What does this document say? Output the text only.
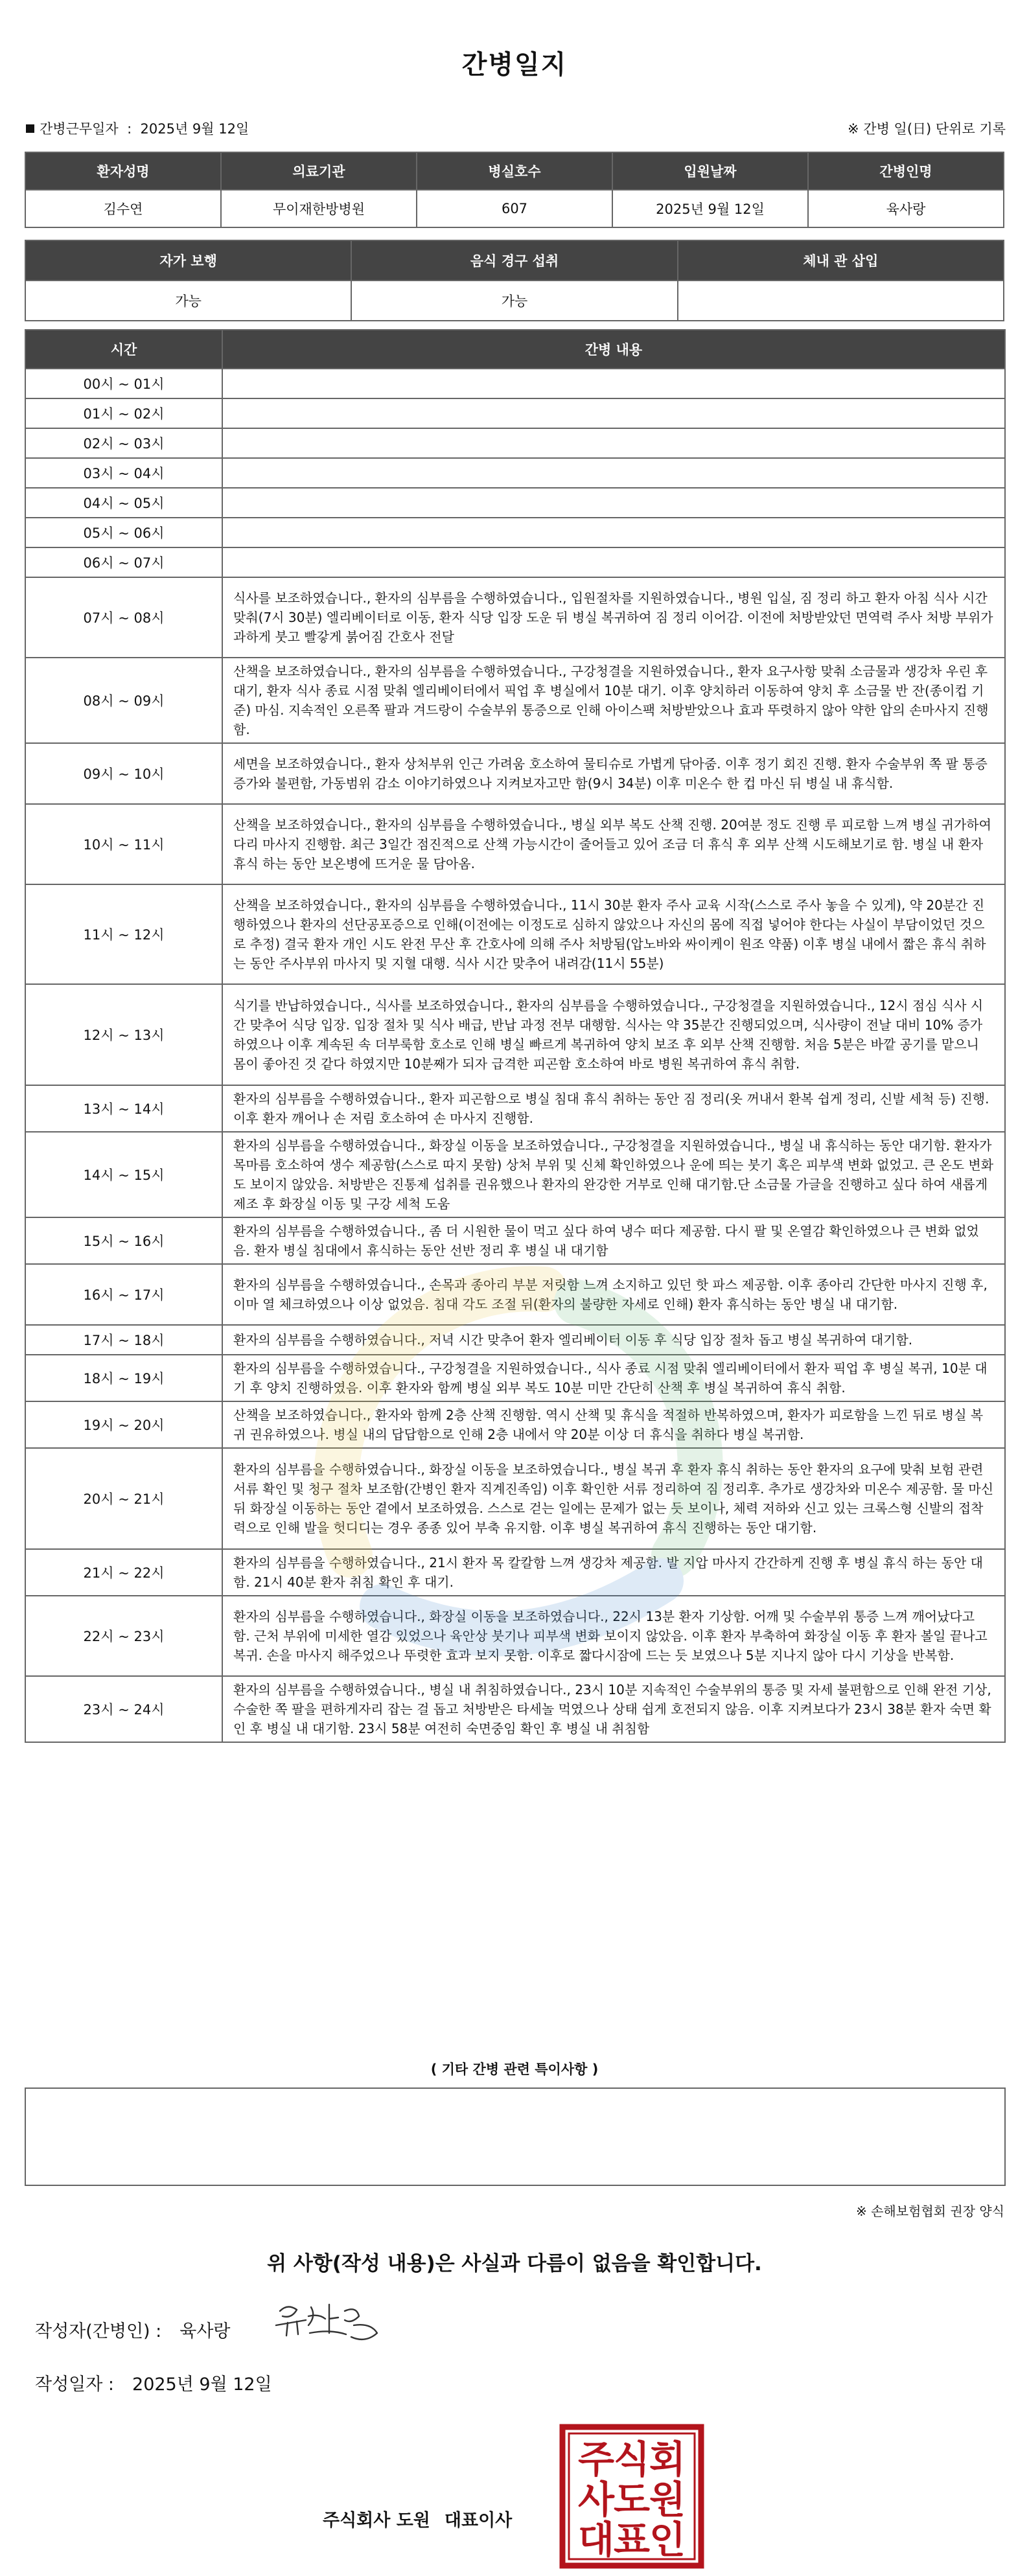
간병일지
간병근무일자 : 2025년 9월 12일	※ 간병 일(日) 단위로 기록
환자성명	의료기관	병실호수	입원날짜	간병인명
김수연	무이재한방병원	607	2025년 9월 12일	육사랑
자가 보행	음식 경구 섭취	체내 관 삽입
가능	가능	
시간	간병 내용
00시 ~ 01시	
01시 ~ 02시	
02시 ~ 03시	
03시 ~ 04시	
04시 ~ 05시	
05시 ~ 06시	
06시 ~ 07시	
07시 ~ 08시	식사를 보조하였습니다., 환자의 심부름을 수행하였습니다., 입원절차를 지원하였습니다., 병원 입실, 짐 정리 하고 환자 아침 식사 시간 맞춰(7시 30분) 엘리베이터로 이동, 환자 식당 입장 도운 뒤 병실 복귀하여 짐 정리 이어감. 이전에 처방받았던 면역력 주사 처방 부위가 과하게 붓고 빨갛게 붉어짐 간호사 전달
08시 ~ 09시	산책을 보조하였습니다., 환자의 심부름을 수행하였습니다., 구강청결을 지원하였습니다., 환자 요구사항 맞춰 소금물과 생강차 우린 후 대기, 환자 식사 종료 시점 맞춰 엘리베이터에서 픽업 후 병실에서 10분 대기. 이후 양치하러 이동하여 양치 후 소금물 반 잔(종이컵 기준) 마심. 지속적인 오른쪽 팔과 겨드랑이 수술부위 통증으로 인해 아이스팩 처방받았으나 효과 뚜렷하지 않아 약한 압의 손마사지 진행함.
09시 ~ 10시	세면을 보조하였습니다., 환자 상처부위 인근 가려움 호소하여 물티슈로 가볍게 닦아줌. 이후 정기 회진 진행. 환자 수술부위 쪽 팔 통증 증가와 불편함, 가동범위 감소 이야기하였으나 지켜보자고만 함(9시 34분) 이후 미온수 한 컵 마신 뒤 병실 내 휴식함.
10시 ~ 11시	산책을 보조하였습니다., 환자의 심부름을 수행하였습니다., 병실 외부 복도 산책 진행. 20여분 정도 진행 루 피로함 느껴 병실 귀가하여 다리 마사지 진행함. 최근 3일간 점진적으로 산책 가능시간이 줄어들고 있어 조금 더 휴식 후 외부 산책 시도해보기로 함. 병실 내 환자 휴식 하는 동안 보온병에 뜨거운 물 담아옴.
11시 ~ 12시	산책을 보조하였습니다., 환자의 심부름을 수행하였습니다., 11시 30분 환자 주사 교육 시작(스스로 주사 놓을 수 있게), 약 20분간 진행하였으나 환자의 선단공포증으로 인해(이전에는 이정도로 심하지 않았으나 자신의 몸에 직접 넣어야 한다는 사실이 부담이었던 것으로 추정) 결국 환자 개인 시도 완전 무산 후 간호사에 의해 주사 처방됨(압노바와 싸이케이 원조 약품) 이후 병실 내에서 짧은 휴식 취하는 동안 주사부위 마사지 및 지혈 대행. 식사 시간 맞추어 내려감(11시 55분)
12시 ~ 13시	식기를 반납하였습니다., 식사를 보조하였습니다., 환자의 심부름을 수행하였습니다., 구강청결을 지원하였습니다., 12시 점심 식사 시간 맞추어 식당 입장. 입장 절차 및 식사 배급, 반납 과정 전부 대행함. 식사는 약 35분간 진행되었으며, 식사량이 전날 대비 10% 증가하였으나 이후 계속된 속 더부룩함 호소로 인해 병실 빠르게 복귀하여 양치 보조 후 외부 산책 진행함. 처음 5분은 바깥 공기를 맡으니 몸이 좋아진 것 같다 하였지만 10분째가 되자 급격한 피곤함 호소하여 바로 병원 복귀하여 휴식 취함.
13시 ~ 14시	환자의 심부름을 수행하였습니다., 환자 피곤함으로 병실 침대 휴식 취하는 동안 짐 정리(옷 꺼내서 환복 쉽게 정리, 신발 세척 등) 진행. 이후 환자 깨어나 손 저림 호소하여 손 마사지 진행함.
14시 ~ 15시	환자의 심부름을 수행하였습니다., 화장실 이동을 보조하였습니다., 구강청결을 지원하였습니다., 병실 내 휴식하는 동안 대기함. 환자가 목마름 호소하여 생수 제공함(스스로 따지 못함) 상처 부위 및 신체 확인하였으나 운에 띄는 붓기 혹은 피부색 변화 없었고. 큰 온도 변화도 보이지 않았음. 처방받은 진통제 섭취를 권유했으나 환자의 완강한 거부로 인해 대기함.단 소금물 가글을 진행하고 싶다 하여 새롭게 제조 후 화장실 이동 및 구강 세척 도움
15시 ~ 16시	환자의 심부름을 수행하였습니다., 좀 더 시원한 물이 먹고 싶다 하여 냉수 떠다 제공함. 다시 팔 및 온열감 확인하였으나 큰 변화 없었음. 환자 병실 침대에서 휴식하는 동안 선반 정리 후 병실 내 대기함
16시 ~ 17시	환자의 심부름을 수행하였습니다., 손목과 종아리 부분 저릿함 느껴 소지하고 있던 핫 파스 제공함. 이후 종아리 간단한 마사지 진행 후, 이마 열 체크하였으나 이상 없었음. 침대 각도 조절 뒤(환자의 불량한 자세로 인해) 환자 휴식하는 동안 병실 내 대기함.
17시 ~ 18시	환자의 심부름을 수행하였습니다., 저녁 시간 맞추어 환자 엘리베이터 이동 후 식당 입장 절차 돕고 병실 복귀하여 대기함.
18시 ~ 19시	환자의 심부름을 수행하였습니다., 구강청결을 지원하였습니다., 식사 종료 시점 맞춰 엘리베이터에서 환자 픽업 후 병실 복귀, 10분 대기 후 양치 진행하였음. 이후 환자와 함께 병실 외부 복도 10분 미만 간단히 산책 후 병실 복귀하여 휴식 취함.
19시 ~ 20시	산책을 보조하였습니다., 환자와 함께 2층 산책 진행함. 역시 산책 및 휴식을 적절하 반복하였으며, 환자가 피로함을 느낀 뒤로 병실 복귀 권유하였으나. 병실 내의 답답함으로 인해 2층 내에서 약 20분 이상 더 휴식을 취하다 병실 복귀함.
20시 ~ 21시	환자의 심부름을 수행하였습니다., 화장실 이동을 보조하였습니다., 병실 복귀 후 환자 휴식 취하는 동안 환자의 요구에 맞춰 보험 관련 서류 확인 및 청구 절차 보조함(간병인 환자 직계진족임) 이후 확인한 서류 정리하여 짐 정리후. 추가로 생강차와 미온수 제공함. 물 마신 뒤 화장실 이동하는 동안 곁에서 보조하였음. 스스로 걷는 일에는 문제가 없는 듯 보이나, 체력 저하와 신고 있는 크록스형 신발의 접착력으로 인해 발을 헛디디는 경우 종종 있어 부축 유지함. 이후 병실 복귀하여 휴식 진행하는 동안 대기함.
21시 ~ 22시	환자의 심부름을 수행하였습니다., 21시 환자 목 칼칼함 느껴 생강차 제공함. 발 지압 마사지 간간하게 진행 후 병실 휴식 하는 동안 대함. 21시 40분 환자 취침 확인 후 대기.
22시 ~ 23시	환자의 심부름을 수행하였습니다., 화장실 이동을 보조하였습니다., 22시 13분 환자 기상함. 어깨 및 수술부위 통증 느껴 깨어났다고 함. 근처 부위에 미세한 열감 있었으나 육안상 붓기나 피부색 변화 보이지 않았음. 이후 환자 부축하여 화장실 이동 후 환자 볼일 끝나고 복귀. 손을 마사지 해주었으나 뚜렷한 효과 보지 못함. 이후로 짧다시잠에 드는 듯 보였으나 5분 지나지 않아 다시 기상을 반복함.
23시 ~ 24시	환자의 심부름을 수행하였습니다., 병실 내 취침하였습니다., 23시 10분 지속적인 수술부위의 통증 및 자세 불편함으로 인해 완전 기상, 수술한 쪽 팔을 편하게자리 잡는 걸 돕고 처방받은 타세놀 먹였으나 상태 쉽게 호전되지 않음. 이후 지켜보다가 23시 38분 환자 숙면 확인 후 병실 내 대기함. 23시 58분 여전히 숙면중임 확인 후 병실 내 취침함
( 기타 간병 관련 특이사항 )
※ 손해보험협회 권장 양식
위 사항(작성 내용)은 사실과 다름이 없음을 확인합니다.
작성자(간병인) : 육사랑
작성일자 : 2025년 9월 12일
주식회사 도원 대표이사
주
식
회
사
도
원
대
표
인
